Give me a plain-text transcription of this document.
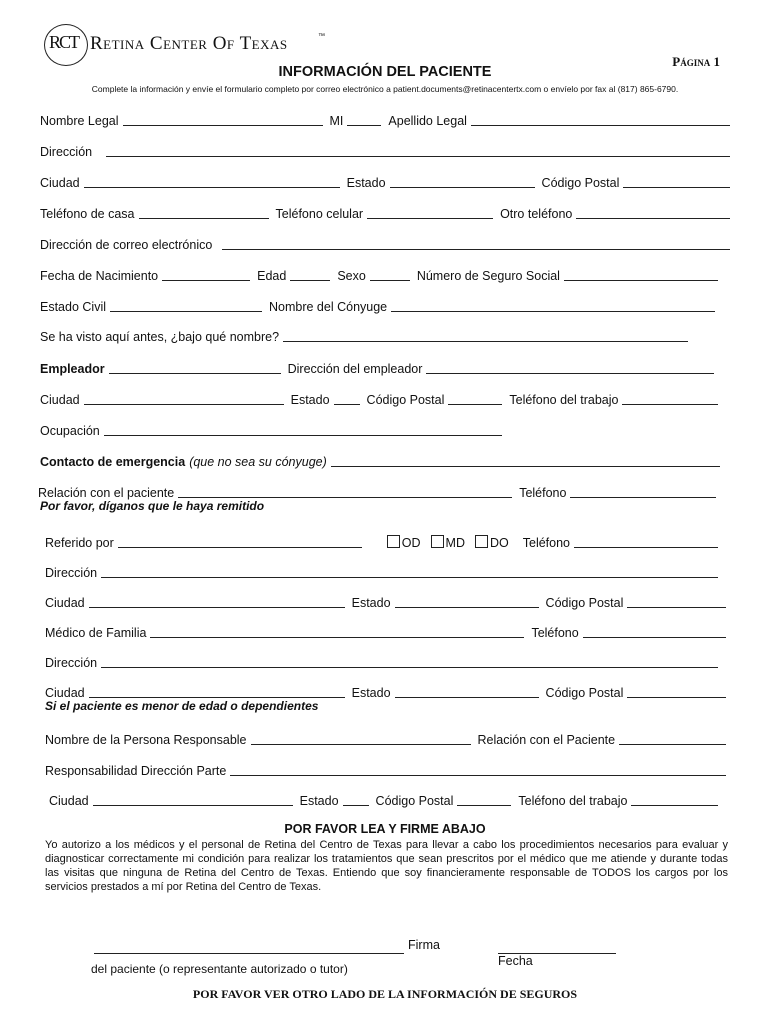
RCT Retina Center Of Texas	™
Página 1
INFORMACIÓN DEL PACIENTE
Complete la información y envíe el formulario completo por correo electrónico a patient.documents@retinacentertx.com o envíelo por fax al (817) 865-6790.
Nombre Legal	MI	Apellido Legal
Dirección
Ciudad	Estado	Código Postal
Teléfono de casa	Teléfono celular	Otro teléfono
Dirección de correo electrónico
Fecha de Nacimiento	Edad	Sexo	Número de Seguro Social
Estado Civil	Nombre del Cónyuge
Se ha visto aquí antes, ¿bajo qué nombre?
Empleador	Dirección del empleador
Ciudad	Estado	Código Postal	Teléfono del trabajo
Ocupación
Contacto de emergencia (que no sea su cónyuge)
Relación con el paciente	Teléfono
Por favor, díganos que le haya remitido
Referido por	OD	MD	DO	Teléfono
Dirección
Ciudad	Estado	Código Postal
Médico de Familia	Teléfono
Dirección
Ciudad	Estado	Código Postal
Si el paciente es menor de edad o dependientes
Nombre de la Persona Responsable	Relación con el Paciente
Responsabilidad Dirección Parte
Ciudad	Estado	Código Postal	Teléfono del trabajo
POR FAVOR LEA Y FIRME ABAJO
Yo autorizo a los médicos y el personal de Retina del Centro de Texas para llevar a cabo los procedimientos necesarios para evaluar y diagnosticar correctamente mi condición para realizar los tratamientos que sean prescritos por el médico que me atiende y durante todas las visitas que ninguna de Retina del Centro de Texas. Entiendo que soy financieramente responsable de TODOS los cargos por los servicios prestados a mí por Retina del Centro de Texas.
Firma
del paciente (o representante autorizado o tutor)
Fecha
POR FAVOR VER OTRO LADO DE LA INFORMACIÓN DE SEGUROS
